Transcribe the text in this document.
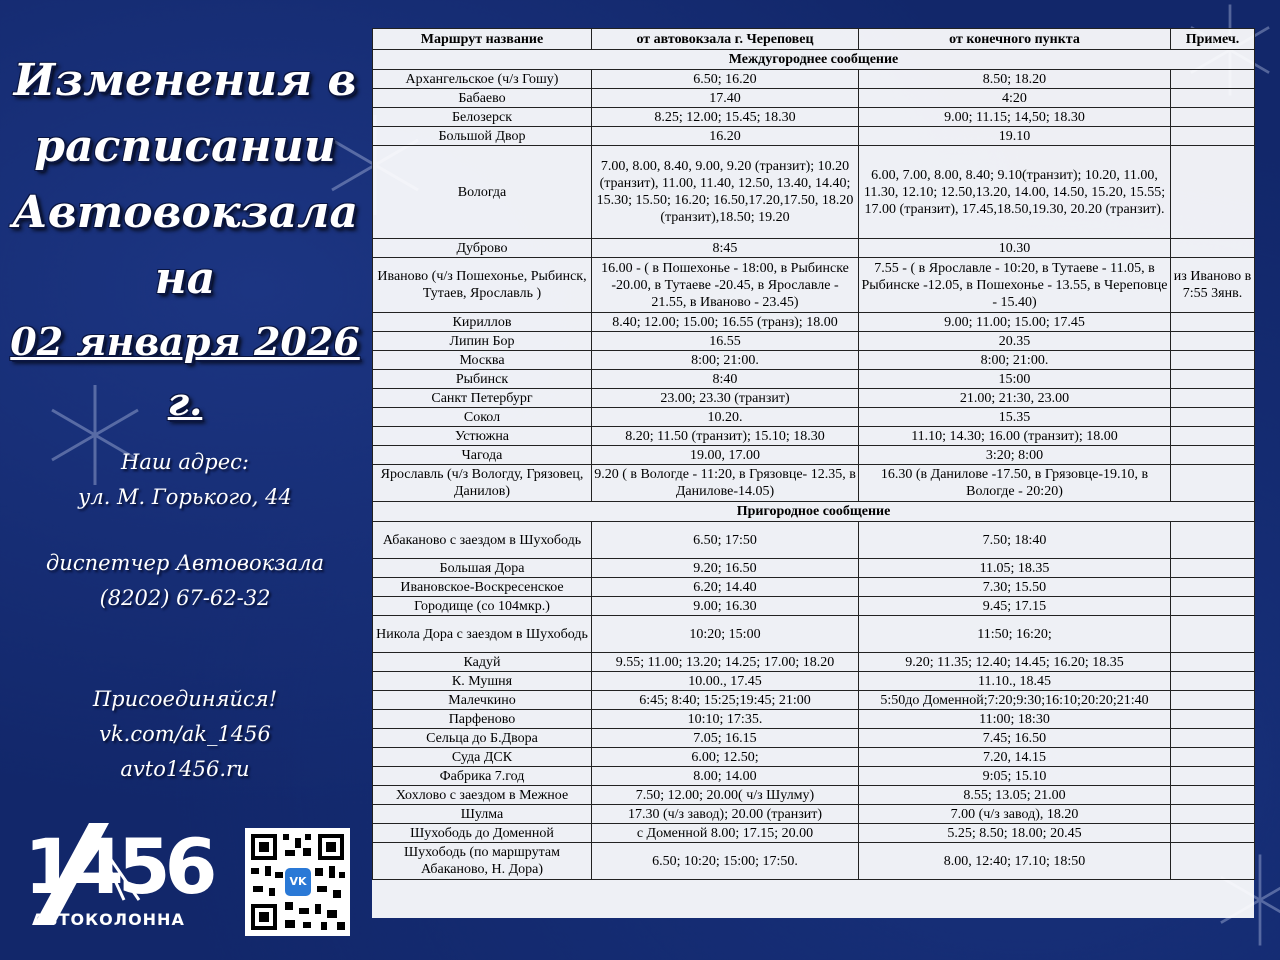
Изменения в
расписании
Автовокзала
на
02 января 2026 г.
Наш адрес:
ул. М. Горького, 44
диспетчер Автовокзала
(8202) 67-62-32
Присоединяйся!
vk.com/ak_1456
avto1456.ru
1456
АВТОКОЛОННА
VK
Маршрут название	от автовокзала г. Череповец	от конечного пункта	Примеч.
Междугороднее сообщение			
Архангельское (ч/з Гошу)	6.50; 16.20	8.50; 18.20	
Бабаево	17.40	4:20	
Белозерск	8.25; 12.00; 15.45; 18.30	9.00; 11.15; 14,50; 18.30	
Большой Двор	16.20	19.10	
Вологда	7.00, 8.00, 8.40, 9.00, 9.20 (транзит); 10.20 (транзит), 11.00, 11.40, 12.50, 13.40, 14.40; 15.30; 15.50; 16.20; 16.50,17.20,17.50, 18.20 (транзит),18.50; 19.20	6.00, 7.00, 8.00, 8.40; 9.10(транзит); 10.20, 11.00, 11.30, 12.10; 12.50,13.20, 14.00, 14.50, 15.20, 15.55; 17.00 (транзит), 17.45,18.50,19.30, 20.20 (транзит).	
Дуброво	8:45	10.30	
Иваново (ч/з Пошехонье, Рыбинск, Тутаев, Ярославль )	16.00 - ( в Пошехонье - 18:00, в Рыбинске -20.00, в Тутаеве -20.45, в Ярославле - 21.55, в Иваново - 23.45)	7.55 - ( в Ярославле - 10:20, в Тутаеве - 11.05, в Рыбинске -12.05, в Пошехонье - 13.55, в Череповце - 15.40)	из Иваново в 7:55 3янв.
Кириллов	8.40; 12.00; 15.00; 16.55 (транз); 18.00	9.00; 11.00; 15.00; 17.45	
Липин Бор	16.55	20.35	
Москва	8:00; 21:00.	8:00; 21:00.	
Рыбинск	8:40	15:00	
Санкт Петербург	23.00; 23.30 (транзит)	21.00; 21:30, 23.00	
Сокол	10.20.	15.35	
Устюжна	8.20; 11.50 (транзит); 15.10; 18.30	11.10; 14.30; 16.00 (транзит); 18.00	
Чагода	19.00, 17.00	3:20; 8:00	
Ярославль (ч/з Вологду, Грязовец, Данилов)	9.20 ( в Вологде - 11:20, в Грязовце- 12.35, в Данилове-14.05)	16.30 (в Данилове -17.50, в Грязовце-19.10, в Вологде - 20:20)	
Пригородное сообщение			
Абаканово с заездом в Шухободь	6.50; 17:50	7.50; 18:40	
Большая Дора	9.20; 16.50	11.05; 18.35	
Ивановское-Воскресенское	6.20; 14.40	7.30; 15.50	
Городище (со 104мкр.)	9.00; 16.30	9.45; 17.15	
Никола Дора с заездом в Шухободь	10:20; 15:00	11:50; 16:20;	
Кадуй	9.55; 11.00; 13.20; 14.25; 17.00; 18.20	9.20; 11.35; 12.40; 14.45; 16.20; 18.35	
К. Мушня	10.00., 17.45	11.10., 18.45	
Малечкино	6:45; 8:40; 15:25;19:45; 21:00	5:50до Доменной;7:20;9:30;16:10;20:20;21:40	
Парфеново	10:10; 17:35.	11:00; 18:30	
Сельца до Б.Двора	7.05; 16.15	7.45; 16.50	
Суда ДСК	6.00; 12.50;	7.20, 14.15	
Фабрика 7.год	8.00; 14.00	9:05; 15.10	
Хохлово с заездом в Межное	7.50; 12.00; 20.00( ч/з Шулму)	8.55; 13.05; 21.00	
Шулма	17.30 (ч/з завод); 20.00 (транзит)	7.00 (ч/з завод), 18.20	
Шухободь до Доменной	с Доменной 8.00; 17.15; 20.00	5.25; 8.50; 18.00; 20.45	
Шухободь (по маршрутам Абаканово, Н. Дора)	6.50; 10:20; 15:00; 17:50.	8.00, 12:40; 17.10; 18:50	
